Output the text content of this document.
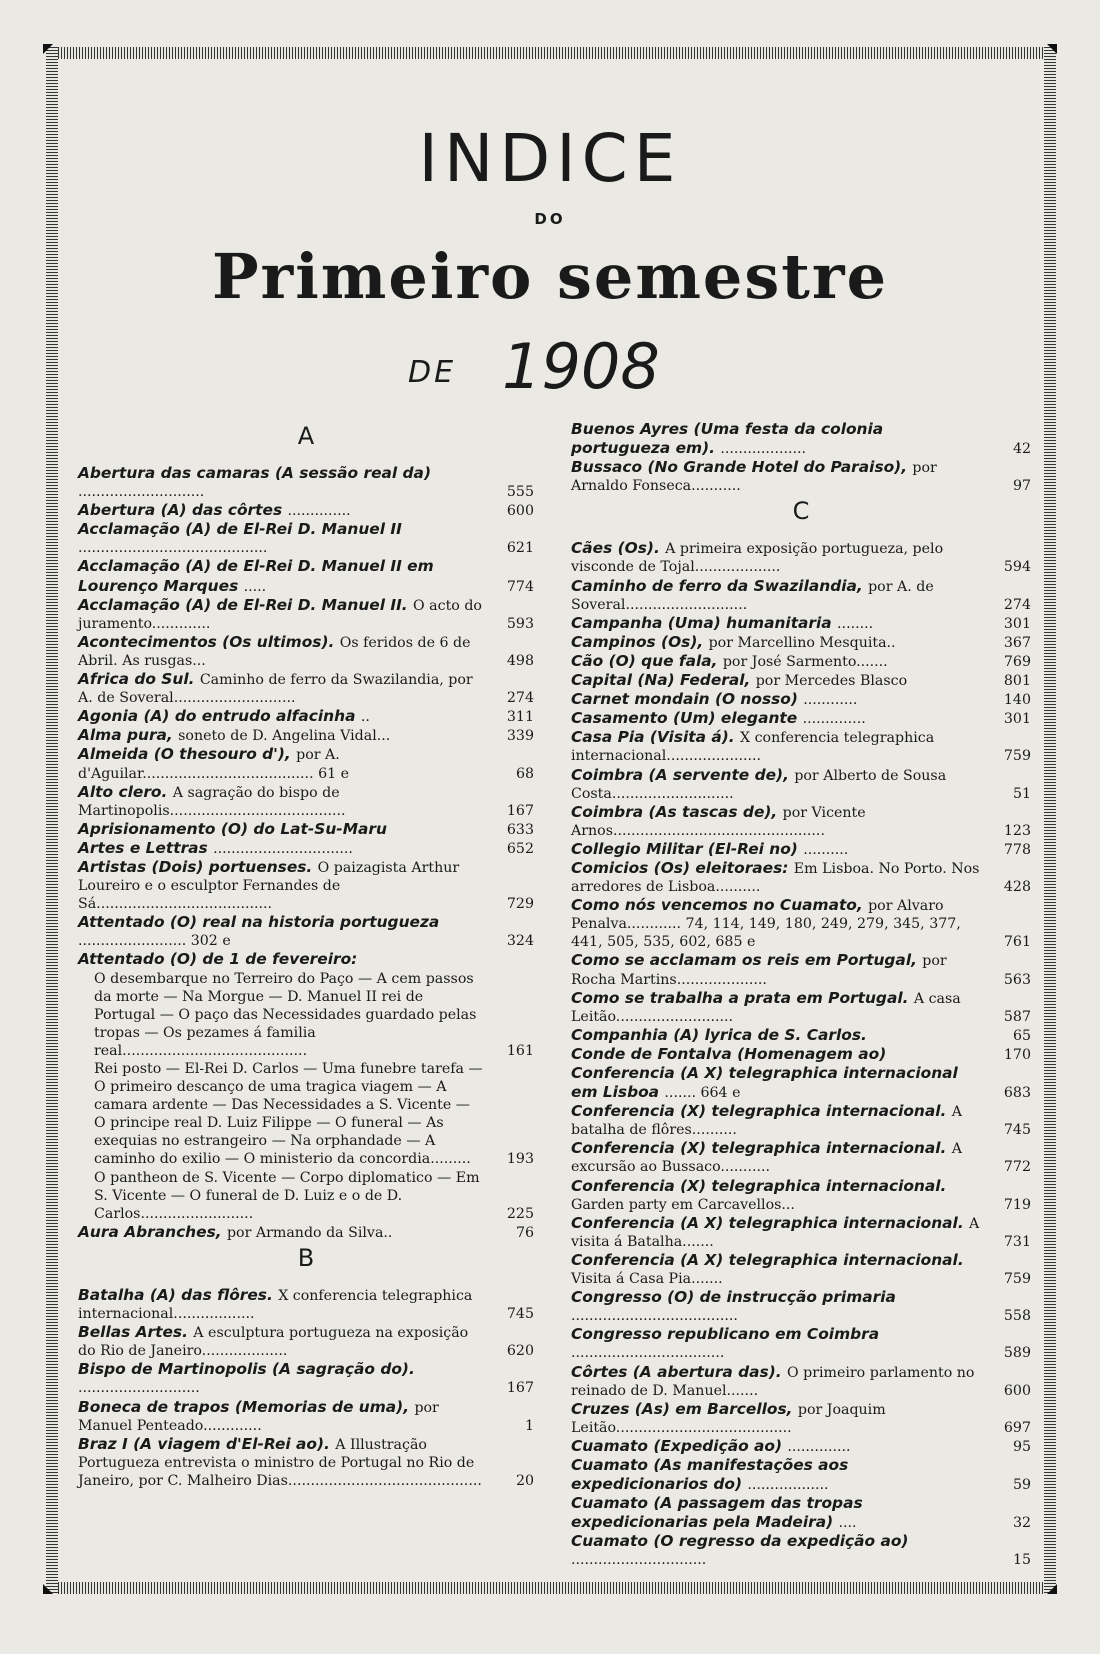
INDICE
DO
Primeiro semestre
DE 1908
A
Abertura das camaras (A sessão real da) ............................	555
Abertura (A) das côrtes ..............	600
Acclamação (A) de El-Rei D. Manuel II ..........................................	621
Acclamação (A) de El-Rei D. Manuel II em Lourenço Marques .....	774
Acclamação (A) de El-Rei D. Manuel II. O acto do juramento.............	593
Acontecimentos (Os ultimos). Os feridos de 6 de Abril. As rusgas...	498
Africa do Sul. Caminho de ferro da Swazilandia, por A. de Soveral...........................	274
Agonia (A) do entrudo alfacinha ..	311
Alma pura, soneto de D. Angelina Vidal...	339
Almeida (O thesouro d'), por A. d'Aguilar...................................... 61 e	68
Alto clero. A sagração do bispo de Martinopolis.......................................	167
Aprisionamento (O) do Lat-Su-Maru	633
Artes e Lettras ...............................	652
Artistas (Dois) portuenses. O paizagista Arthur Loureiro e o esculptor Fernandes de Sá.......................................	729
Attentado (O) real na historia portugueza ........................ 302 e	324
Attentado (O) de 1 de fevereiro:
O desembarque no Terreiro do Paço — A cem passos da morte — Na Morgue — D. Manuel II rei de Portugal — O paço das Necessidades guardado pelas tropas — Os pezames á familia real.........................................	161
Rei posto — El-Rei D. Carlos — Uma funebre tarefa — O primeiro descanço de uma tragica viagem — A camara ardente — Das Necessidades a S. Vicente — O principe real D. Luiz Filippe — O funeral — As exequias no estrangeiro — Na orphandade — A caminho do exilio — O ministerio da concordia.........	193
O pantheon de S. Vicente — Corpo diplomatico — Em S. Vicente — O funeral de D. Luiz e o de D. Carlos.........................	225
Aura Abranches, por Armando da Silva..	76
B
Batalha (A) das flôres. X conferencia telegraphica internacional..................	745
Bellas Artes. A esculptura portugueza na exposição do Rio de Janeiro...................	620
Bispo de Martinopolis (A sagração do). ...........................	167
Boneca de trapos (Memorias de uma), por Manuel Penteado.............	1
Braz I (A viagem d'El-Rei ao). A Illustração Portugueza entrevista o ministro de Portugal no Rio de Janeiro, por C. Malheiro Dias...........................................	20
Buenos Ayres (Uma festa da colonia portugueza em). ...................	42
Bussaco (No Grande Hotel do Paraiso), por Arnaldo Fonseca...........	97
C
Cães (Os). A primeira exposição portugueza, pelo visconde de Tojal...................	594
Caminho de ferro da Swazilandia, por A. de Soveral...........................	274
Campanha (Uma) humanitaria ........	301
Campinos (Os), por Marcellino Mesquita..	367
Cão (O) que fala, por José Sarmento.......	769
Capital (Na) Federal, por Mercedes Blasco	801
Carnet mondain (O nosso) ............	140
Casamento (Um) elegante ..............	301
Casa Pia (Visita á). X conferencia telegraphica internacional.....................	759
Coimbra (A servente de), por Alberto de Sousa Costa...........................	51
Coimbra (As tascas de), por Vicente Arnos...............................................	123
Collegio Militar (El-Rei no) ..........	778
Comicios (Os) eleitoraes: Em Lisboa. No Porto. Nos arredores de Lisboa..........	428
Como nós vencemos no Cuamato, por Alvaro Penalva............ 74, 114, 149, 180, 249, 279, 345, 377, 441, 505, 535, 602, 685 e	761
Como se acclamam os reis em Portugal, por Rocha Martins....................	563
Como se trabalha a prata em Portugal. A casa Leitão..........................	587
Companhia (A) lyrica de S. Carlos.	65
Conde de Fontalva (Homenagem ao)	170
Conferencia (A X) telegraphica internacional em Lisboa ....... 664 e	683
Conferencia (X) telegraphica internacional. A batalha de flôres..........	745
Conferencia (X) telegraphica internacional. A excursão ao Bussaco...........	772
Conferencia (X) telegraphica internacional. Garden party em Carcavellos...	719
Conferencia (A X) telegraphica internacional. A visita á Batalha.......	731
Conferencia (A X) telegraphica internacional. Visita á Casa Pia.......	759
Congresso (O) de instrucção primaria .....................................	558
Congresso republicano em Coimbra ..................................	589
Côrtes (A abertura das). O primeiro parlamento no reinado de D. Manuel.......	600
Cruzes (As) em Barcellos, por Joaquim Leitão.......................................	697
Cuamato (Expedição ao) ..............	95
Cuamato (As manifestações aos expedicionarios do) ..................	59
Cuamato (A passagem das tropas expedicionarias pela Madeira) ....	32
Cuamato (O regresso da expedição ao) ..............................	15
